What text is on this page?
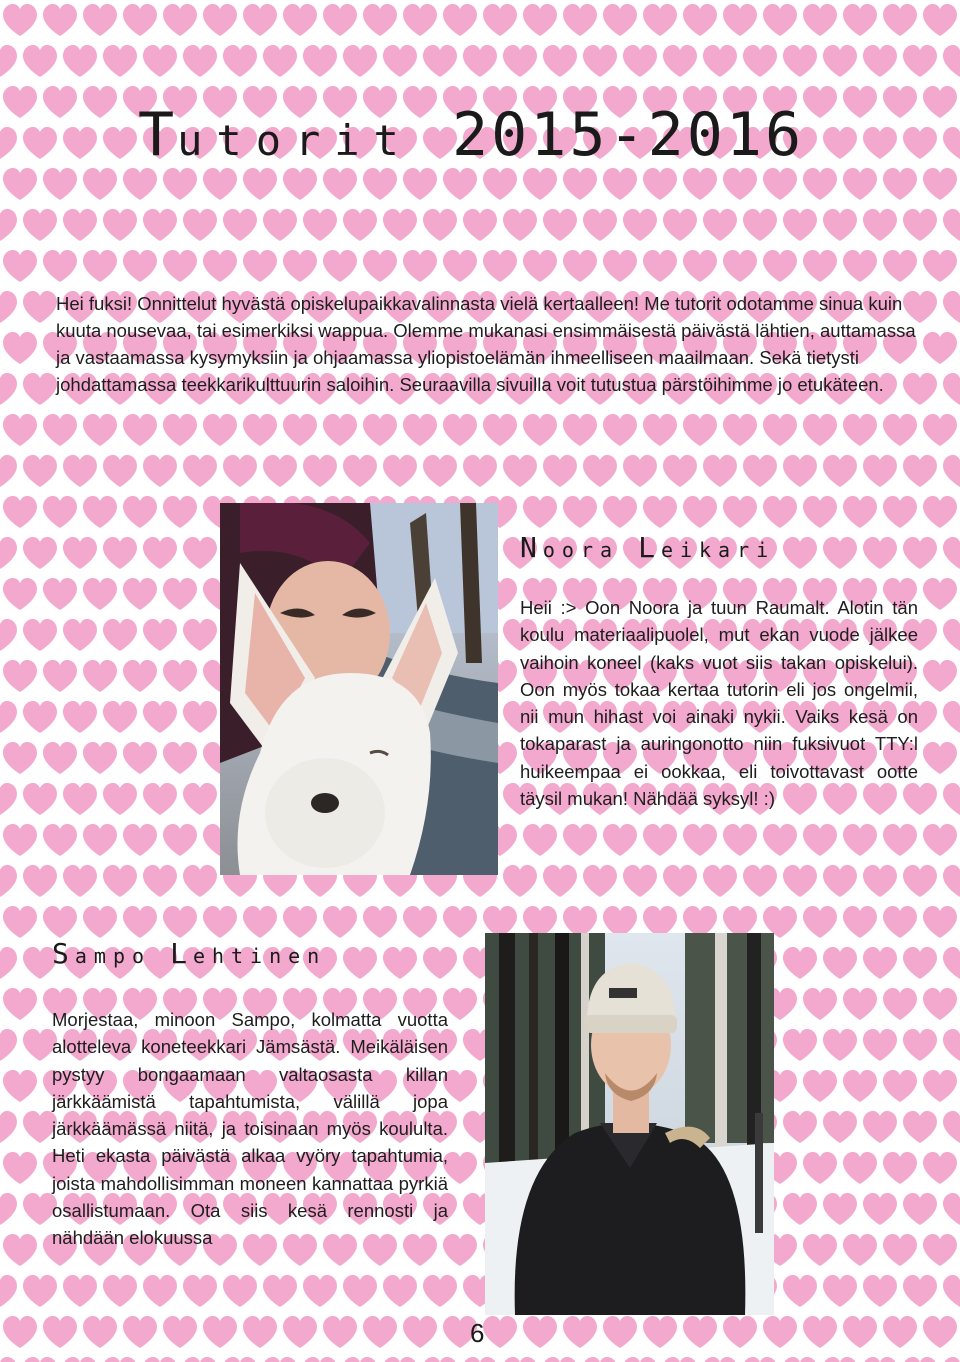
Tutorit 2015-2016

Hei fuksi! Onnittelut hyvästä opiskelupaikkavalinnasta vielä kertaalleen! Me tutorit odotamme sinua kuin kuuta nousevaa, tai esimerkiksi wappua. Olemme mukanasi ensimmäisestä päivästä lähtien, auttamassa ja vastaamassa kysymyksiin ja ohjaamassa yliopistoelämän ihmeelliseen maailmaan. Sekä tietysti johdattamassa teekkarikulttuurin saloihin. Seuraavilla sivuilla voit tutustua pärstöihimme jo etukäteen.

Noora Leikari

Heii :> Oon Noora ja tuun Raumalt. Alotin tän koulu materiaalipuolel, mut ekan vuode jälkee vaihoin koneel (kaks vuot siis takan opiskelui). Oon myös tokaa kertaa tutorin eli jos ongelmii, nii mun hihast voi ainaki nykii. Vaiks kesä on tokaparast ja auringonotto niin fuksivuot TTY:l huikeempaa ei ookkaa, eli toivottavast ootte täysil mukan! Nähdää syksyl! :)

Sampo Lehtinen

Morjestaa, minoon Sampo, kolmatta vuotta alotteleva koneteekkari Jämsästä. Meikäläisen pystyy bongaamaan valtaosasta killan järkkäämistä tapahtumista, välillä jopa järkkäämässä niitä, ja toisinaan myös koululta. Heti ekasta päivästä alkaa vyöry tapahtumia, joista mahdollisimman moneen kannattaa pyrkiä osallistumaan. Ota siis kesä rennosti ja nähdään elokuussa

6
